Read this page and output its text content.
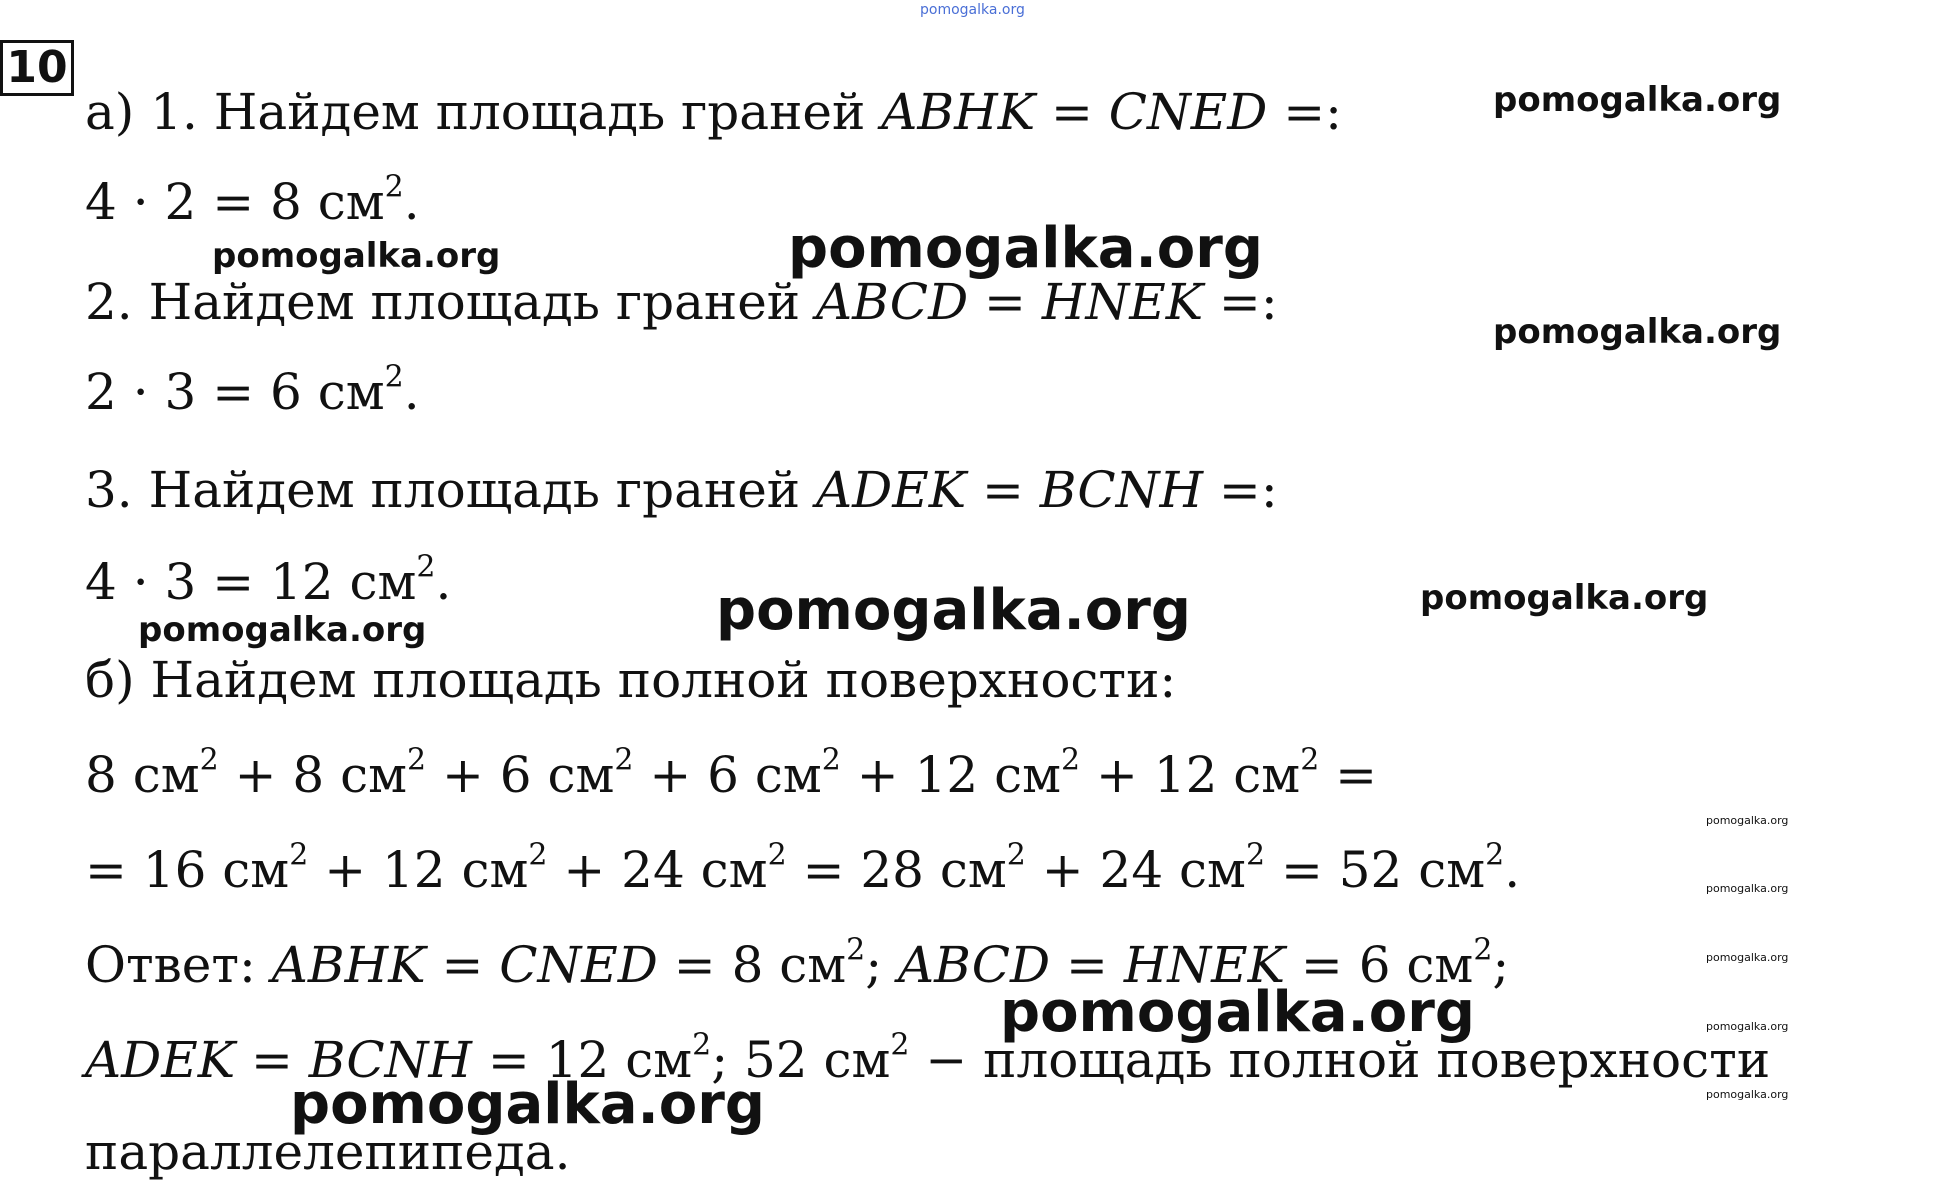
10
pomogalka.org
pomogalka.org
pomogalka.org	pomogalka.org
pomogalka.org
pomogalka.org	pomogalka.org
pomogalka.org
pomogalka.org
pomogalka.org
pomogalka.org
pomogalka.org
pomogalka.org
pomogalka.org
pomogalka.org
а) 1. Найдем площадь граней ABHK = CNED =:
4 · 2 = 8 $см^2$.
2. Найдем площадь граней ABCD = HNEK =:
2 · 3 = 6 $см^2$.
3. Найдем площадь граней ADEK = BCNH =:
4 · 3 = 12 $см^2$.
б) Найдем площадь полной поверхности:
8 $см^2 + 8$ $см^2 + 6$ $см^2 + 6$ $см^2 + 12$ $см^2 + 12$ $см^2$ =
= 16 $см^2 + 12$ $см^2 + 24$ $см^2 = 28$ $см^2 + 24$ $см^2 = 52$ $см^2$.
Ответ: ABHK = CNED = 8 $см^2$; ABCD = HNEK = 6 $см^2$;
ADEK = BCNH = 12 $см^2$; 52 $см^2$ − площадь полной поверхности
параллелепипеда.
